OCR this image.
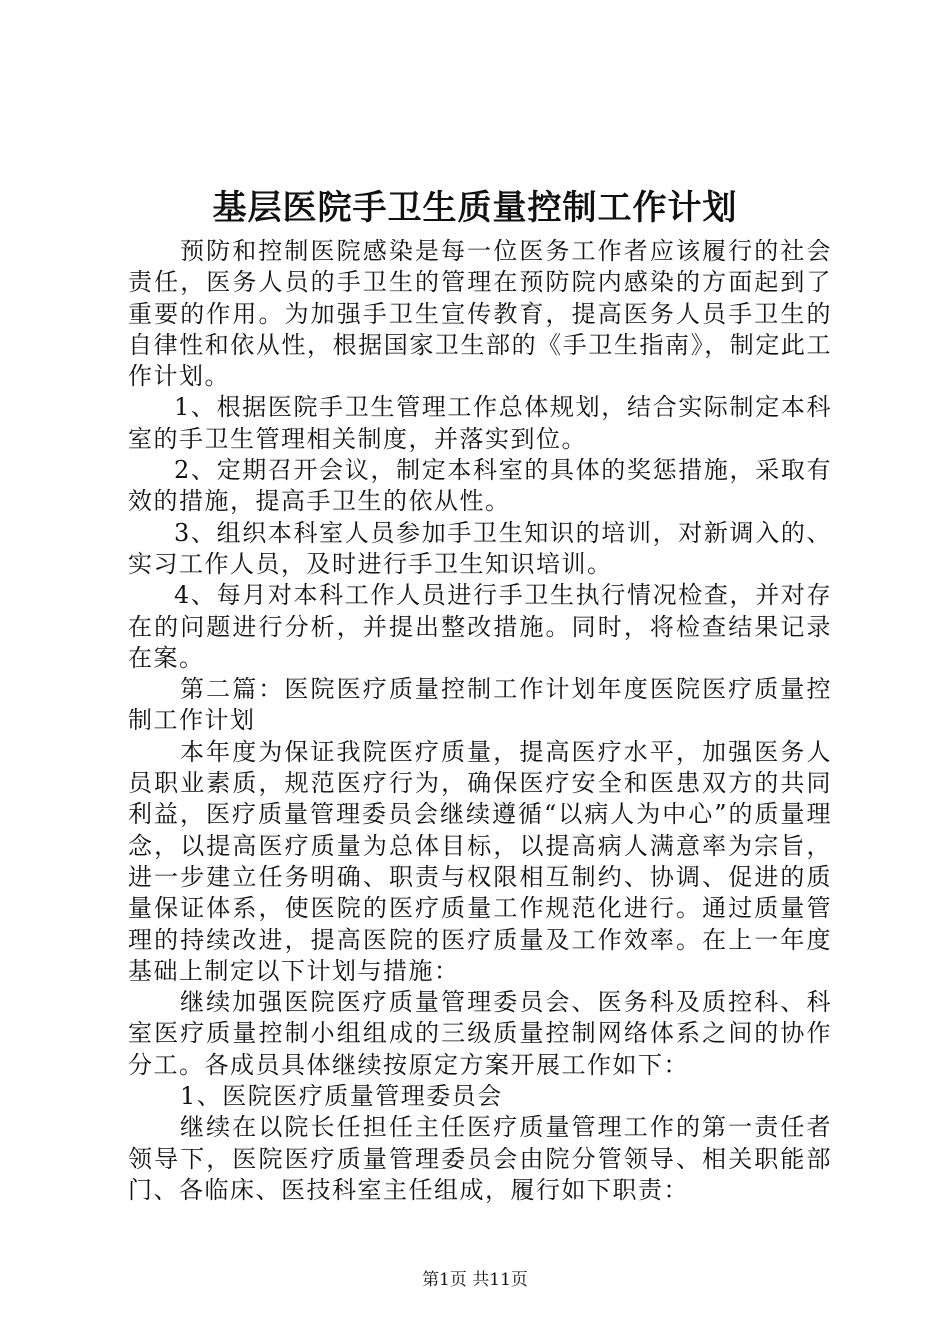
基层医院手卫生质量控制工作计划

预防和控制医院感染是每一位医务工作者应该履行的社会责任，医务人员的手卫生的管理在预防院内感染的方面起到了重要的作用。为加强手卫生宣传教育，提高医务人员手卫生的自律性和依从性，根据国家卫生部的《手卫生指南》，制定此工作计划。

1、根据医院手卫生管理工作总体规划，结合实际制定本科室的手卫生管理相关制度，并落实到位。

2、定期召开会议，制定本科室的具体的奖惩措施，采取有效的措施，提高手卫生的依从性。

3、组织本科室人员参加手卫生知识的培训，对新调入的、实习工作人员，及时进行手卫生知识培训。

4、每月对本科工作人员进行手卫生执行情况检查，并对存在的问题进行分析，并提出整改措施。同时，将检查结果记录在案。

第二篇：医院医疗质量控制工作计划年度医院医疗质量控制工作计划

本年度为保证我院医疗质量，提高医疗水平，加强医务人员职业素质，规范医疗行为，确保医疗安全和医患双方的共同利益，医疗质量管理委员会继续遵循“以病人为中心”的质量理念，以提高医疗质量为总体目标，以提高病人满意率为宗旨，进一步建立任务明确、职责与权限相互制约、协调、促进的质量保证体系，使医院的医疗质量工作规范化进行。通过质量管理的持续改进，提高医院的医疗质量及工作效率。在上一年度基础上制定以下计划与措施：

继续加强医院医疗质量管理委员会、医务科及质控科、科室医疗质量控制小组组成的三级质量控制网络体系之间的协作分工。各成员具体继续按原定方案开展工作如下：

1、医院医疗质量管理委员会

继续在以院长任担任主任医疗质量管理工作的第一责任者领导下，医院医疗质量管理委员会由院分管领导、相关职能部门、各临床、医技科室主任组成，履行如下职责：

第1页 共11页
